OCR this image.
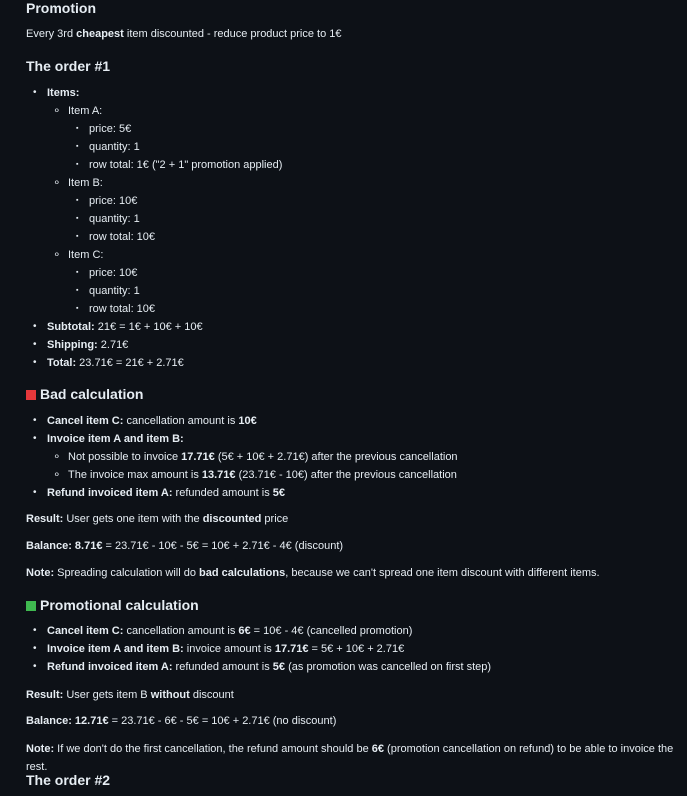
Promotion

Every 3rd cheapest item discounted - reduce product price to 1€

The order #1
• Items:
∘ Item A:
▪ price: 5€
▪ quantity: 1
▪ row total: 1€ ("2 + 1" promotion applied)
∘ Item B:
▪ price: 10€
▪ quantity: 1
▪ row total: 10€
∘ Item C:
▪ price: 10€
▪ quantity: 1
▪ row total: 10€
• Subtotal: 21€ = 1€ + 10€ + 10€
• Shipping: 2.71€
• Total: 23.71€ = 21€ + 2.71€
Bad calculation
• Cancel item C: cancellation amount is 10€
• Invoice item A and item B:
∘ Not possible to invoice 17.71€ (5€ + 10€ + 2.71€) after the previous cancellation
∘ The invoice max amount is 13.71€ (23.71€ - 10€) after the previous cancellation
• Refund invoiced item A: refunded amount is 5€

Result: User gets one item with the discounted price

Balance: 8.71€ = 23.71€ - 10€ - 5€ = 10€ + 2.71€ - 4€ (discount)

Note: Spreading calculation will do bad calculations, because we can't spread one item discount with different items.

Promotional calculation
• Cancel item C: cancellation amount is 6€ = 10€ - 4€ (cancelled promotion)
• Invoice item A and item B: invoice amount is 17.71€ = 5€ + 10€ + 2.71€
• Refund invoiced item A: refunded amount is 5€ (as promotion was cancelled on first step)

Result: User gets item B without discount

Balance: 12.71€ = 23.71€ - 6€ - 5€ = 10€ + 2.71€ (no discount)

Note: If we don't do the first cancellation, the refund amount should be 6€ (promotion cancellation on refund) to be able to invoice the rest.

The order #2
